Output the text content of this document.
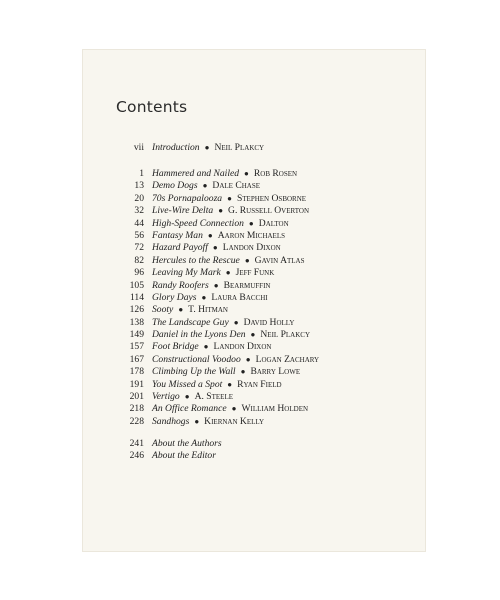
Contents
vii Introduction ● Neil Plakcy
1 Hammered and Nailed ● Rob Rosen
13 Demo Dogs ● Dale Chase
20 70s Pornapalooza ● Stephen Osborne
32 Live-Wire Delta ● G. Russell Overton
44 High-Speed Connection ● Dalton
56 Fantasy Man ● Aaron Michaels
72 Hazard Payoff ● Landon Dixon
82 Hercules to the Rescue ● Gavin Atlas
96 Leaving My Mark ● Jeff Funk
105 Randy Roofers ● Bearmuffin
114 Glory Days ● Laura Bacchi
126 Sooty ● T. Hitman
138 The Landscape Guy ● David Holly
149 Daniel in the Lyons Den ● Neil Plakcy
157 Foot Bridge ● Landon Dixon
167 Constructional Voodoo ● Logan Zachary
178 Climbing Up the Wall ● Barry Lowe
191 You Missed a Spot ● Ryan Field
201 Vertigo ● A. Steele
218 An Office Romance ● William Holden
228 Sandhogs ● Kiernan Kelly
241 About the Authors
246 About the Editor
